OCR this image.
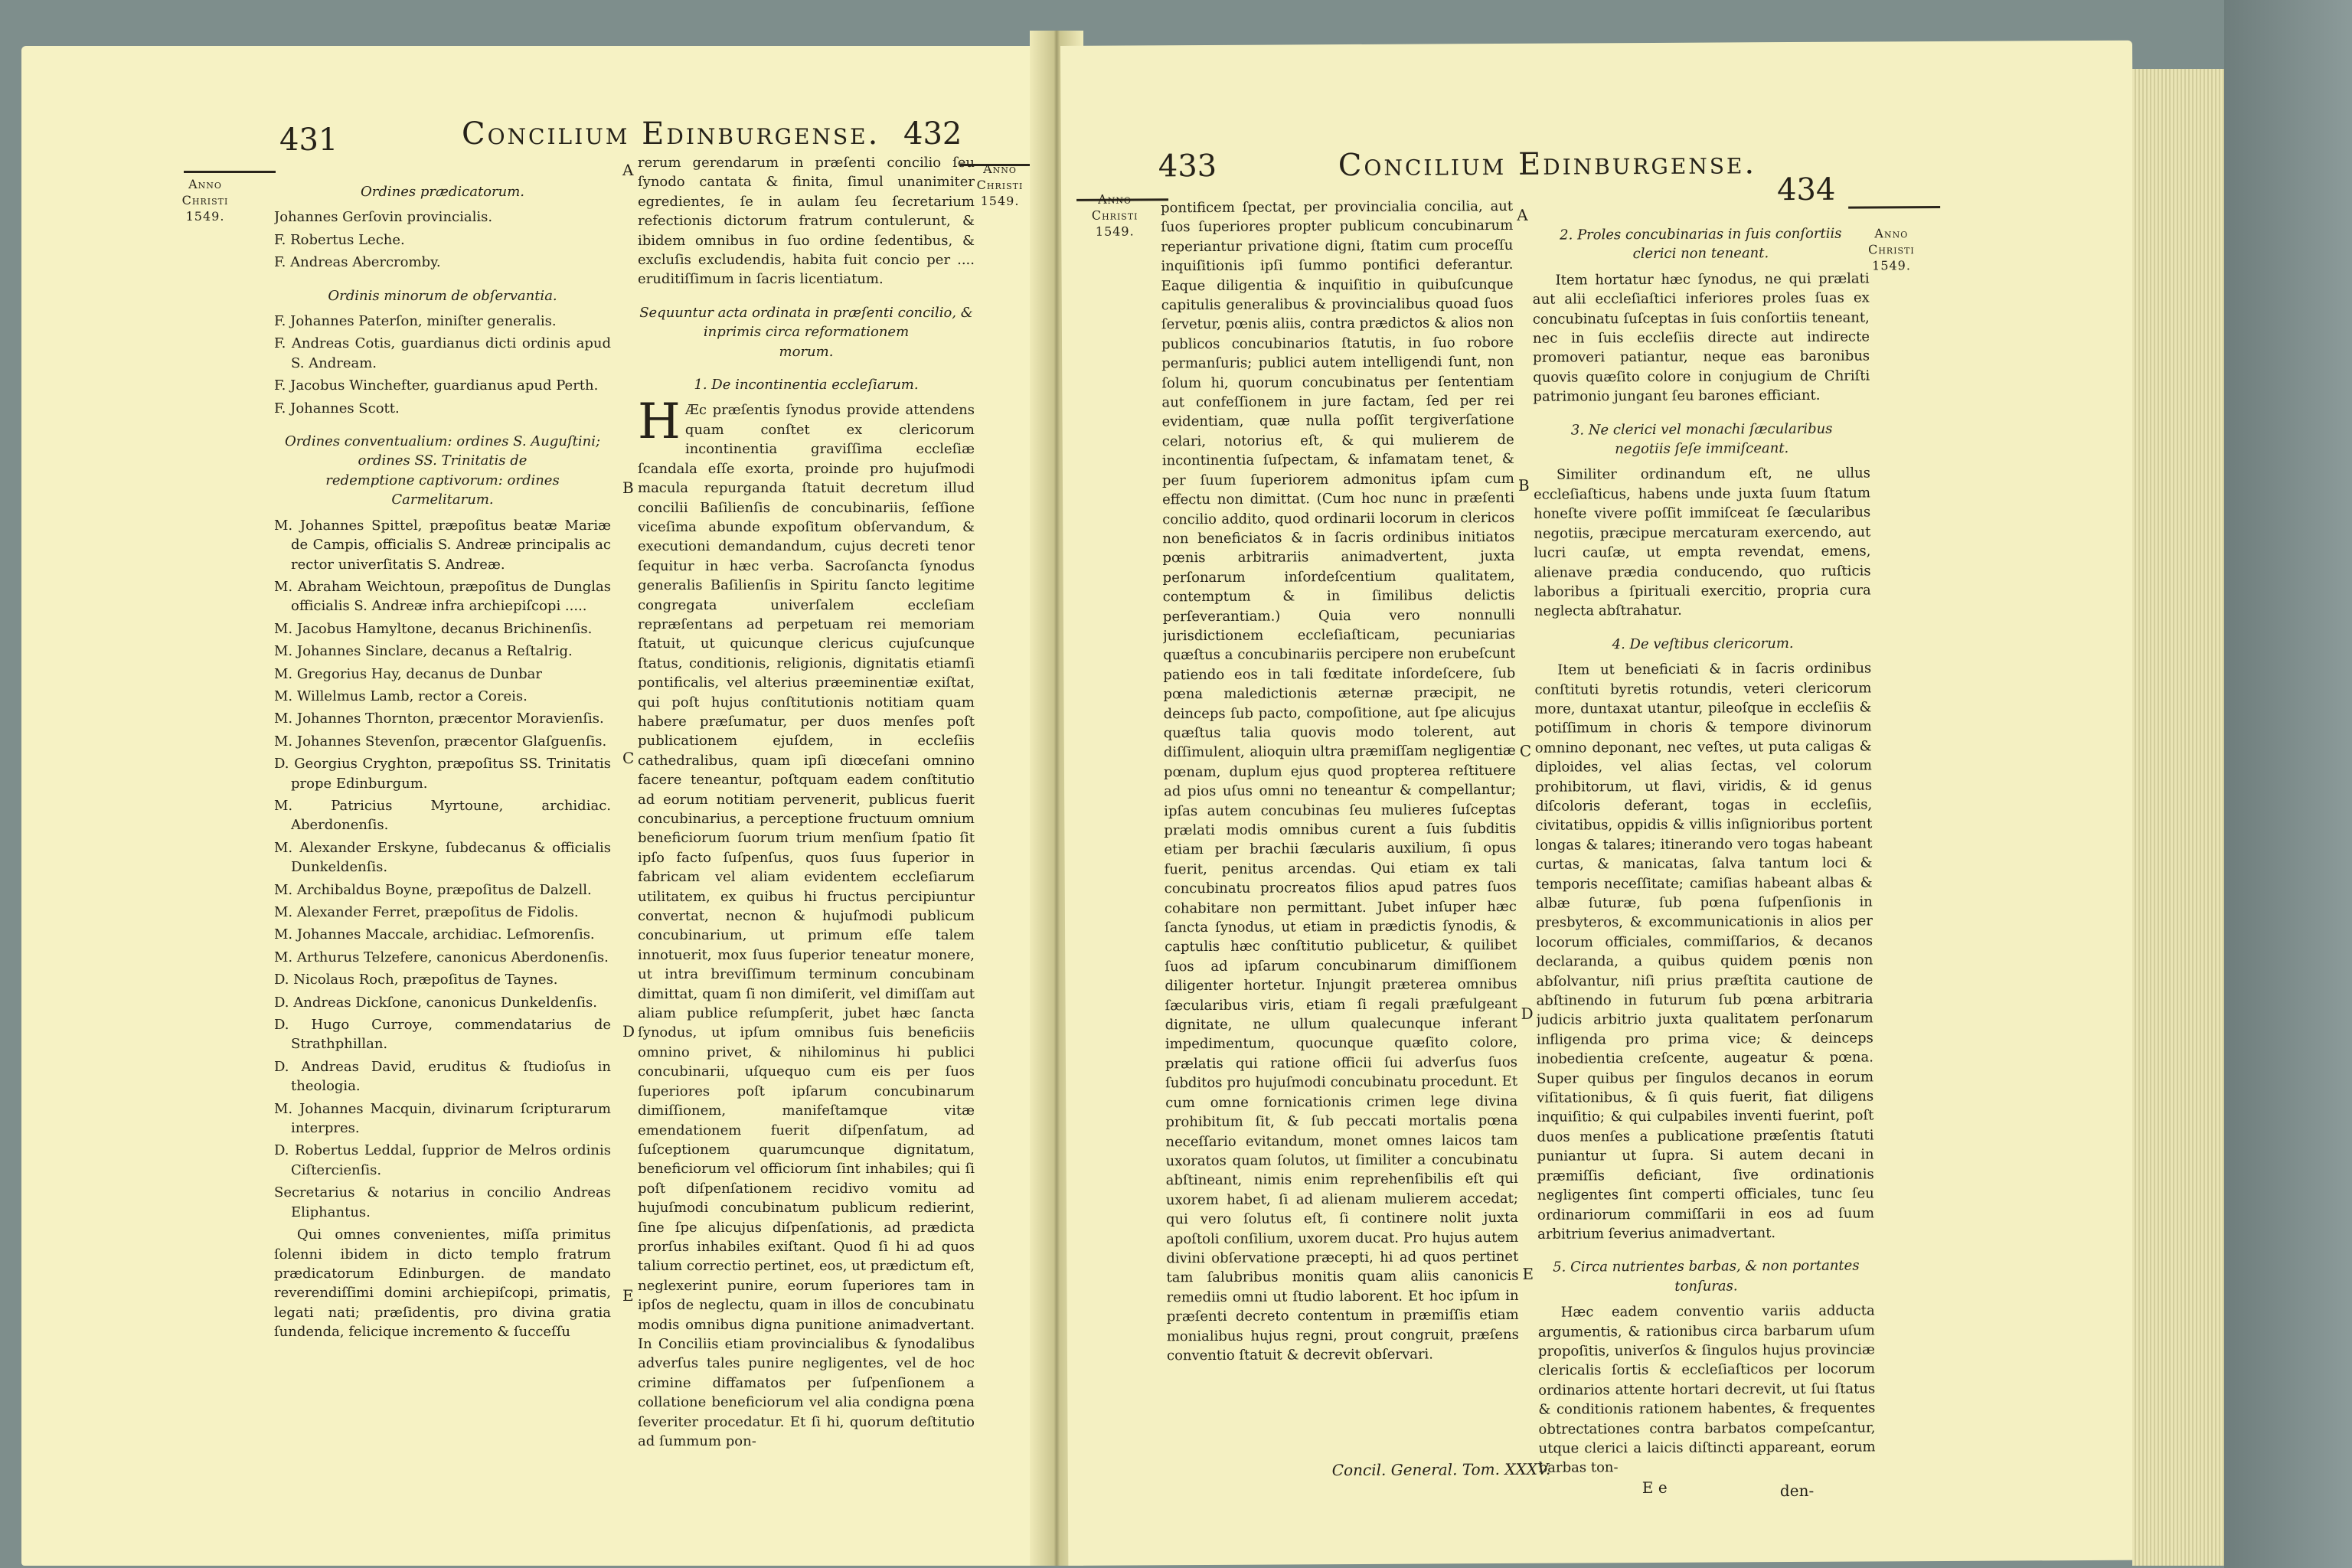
431	Concilium Edinburgense. 432
Anno
Christi
1549.
Anno
Christi
1549.
Ordines prædicatorum.

Johannes Gerſovin provincialis.

F. Robertus Leche.

F. Andreas Abercromby.

Ordinis minorum de obſervantia.

F. Johannes Paterſon, miniſter generalis.

F. Andreas Cotis, guardianus dicti ordinis apud S. Andream.

F. Jacobus Winchefter, guardianus apud Perth.

F. Johannes Scott.

Ordines conventualium: ordines S. Auguſtini; ordines SS. Trinitatis de
redemptione captivorum: ordines
Carmelitarum.

M. Johannes Spittel, præpoſitus beatæ Mariæ de Campis, officialis S. Andreæ principalis ac rector univerſitatis S. Andreæ.

M. Abraham Weichtoun, præpoſitus de Dunglas officialis S. Andreæ infra archiepiſcopi .....

M. Jacobus Hamyltone, decanus Brichinenſis.

M. Johannes Sinclare, decanus a Reſtalrig.

M. Gregorius Hay, decanus de Dunbar

M. Willelmus Lamb, rector a Coreis.

M. Johannes Thornton, præcentor Moravienſis.

M. Johannes Stevenſon, præcentor Glaſguenſis.

D. Georgius Cryghton, præpoſitus SS. Trinitatis prope Edinburgum.

M. Patricius Myrtoune, archidiac. Aberdonenſis.

M. Alexander Erskyne, ſubdecanus & officialis Dunkeldenſis.

M. Archibaldus Boyne, præpoſitus de Dalzell.

M. Alexander Ferret, præpoſitus de Fidolis.

M. Johannes Maccale, archidiac. Leſmorenſis.

M. Arthurus Telzefere, canonicus Aberdonenſis.

D. Nicolaus Roch, præpoſitus de Taynes.

D. Andreas Dickſone, canonicus Dunkeldenſis.

D. Hugo Curroye, commendatarius de Strathphillan.

D. Andreas David, eruditus & ſtudioſus in theologia.

M. Johannes Macquin, divinarum ſcripturarum interpres.

D. Robertus Leddal, ſupprior de Melros ordinis Ciſtercienſis.

Secretarius & notarius in concilio Andreas Eliphantus.

Qui omnes convenientes, miſſa primitus ſolenni ibidem in dicto templo fratrum prædicatorum Edinburgen. de mandato reverendiſſimi domini archiepiſcopi, primatis, legati nati; præſidentis, pro divina gratia ſundenda, felicique incremento & ſucceſſu

A
B
C
D
E

rerum gerendarum in præſenti concilio ſeu ſynodo cantata & finita, ſimul unanimiter egredientes, ſe in aulam ſeu ſecretarium refectionis dictorum fratrum contulerunt, & ibidem omnibus in ſuo ordine ſedentibus, & excluſis excludendis, habita fuit concio per .... eruditiſſimum in ſacris licentiatum.

Sequuntur acta ordinata in præſenti concilio, & inprimis circa reformationem
morum.
1. De incontinentia eccleſiarum.

H Æc præſentis ſynodus provide attendens quam conſtet ex clericorum incontinentia graviſſima eccleſiæ ſcandala eſſe exorta, proinde pro hujuſmodi macula repurganda ſtatuit decretum illud concilii Baſilienſis de concubinariis, ſeſſione viceſima abunde expoſitum obſervandum, & executioni demandandum, cujus decreti tenor ſequitur in hæc verba. Sacroſancta ſynodus generalis Baſilienſis in Spiritu ſancto legitime congregata univerſalem eccleſiam repræſentans ad perpetuam rei memoriam ſtatuit, ut quicunque clericus cujuſcunque ſtatus, conditionis, religionis, dignitatis etiamſi pontificalis, vel alterius præeminentiæ exiſtat, qui poſt hujus conſtitutionis notitiam quam habere præſumatur, per duos menſes poſt publicationem ejuſdem, in eccleſiis cathedralibus, quam ipſi diœceſani omnino facere teneantur, poſtquam eadem conſtitutio ad eorum notitiam pervenerit, publicus fuerit concubinarius, a perceptione fructuum omnium beneficiorum ſuorum trium menſium ſpatio ſit ipſo facto ſuſpenſus, quos ſuus ſuperior in fabricam vel aliam evidentem eccleſiarum utilitatem, ex quibus hi fructus percipiuntur convertat, necnon & hujuſmodi publicum concubinarium, ut primum eſſe talem innotuerit, mox ſuus ſuperior teneatur monere, ut intra breviſſimum terminum concubinam dimittat, quam ſi non dimiſerit, vel dimiſſam aut aliam publice reſumpſerit, jubet hæc ſancta ſynodus, ut ipſum omnibus ſuis beneficiis omnino privet, & nihilominus hi publici concubinarii, uſquequo cum eis per ſuos ſuperiores poſt ipſarum concubinarum dimiſſionem, manifeſtamque vitæ emendationem fuerit diſpenſatum, ad ſuſceptionem quarumcunque dignitatum, beneficiorum vel officiorum ſint inhabiles; qui ſi poſt diſpenſationem recidivo vomitu ad hujuſmodi concubinatum publicum redierint, ſine ſpe alicujus diſpenſationis, ad prædicta prorſus inhabiles exiſtant. Quod ſi hi ad quos talium correctio pertinet, eos, ut prædictum eſt, neglexerint punire, eorum ſuperiores tam in ipſos de neglectu, quam in illos de concubinatu modis omnibus digna punitione animadvertant. In Conciliis etiam provincialibus & ſynodalibus adverſus tales punire negligentes, vel de hoc crimine diffamatos per ſuſpenſionem a collatione beneficiorum vel alia condigna pœna ſeveriter procedatur. Et ſi hi, quorum deſtitutio ad ſummum pon-

433	Concilium Edinburgense.
434
Anno
Christi
1549.	Anno
Christi
1549.

pontificem ſpectat, per provincialia concilia, aut ſuos ſuperiores propter publicum concubinarum reperiantur privatione digni, ſtatim cum proceſſu inquiſitionis ipſi ſummo pontifici deferantur. Eaque diligentia & inquiſitio in quibuſcunque capitulis generalibus & provincialibus quoad ſuos ſervetur, pœnis aliis, contra prædictos & alios non publicos concubinarios ſtatutis, in ſuo robore permanſuris; publici autem intelligendi ſunt, non ſolum hi, quorum concubinatus per ſententiam aut confeſſionem in jure factam, ſed per rei evidentiam, quæ nulla poſſit tergiverſatione celari, notorius eſt, & qui mulierem de incontinentia ſuſpectam, & infamatam tenet, & per ſuum ſuperiorem admonitus ipſam cum effectu non dimittat. (Cum hoc nunc in præſenti concilio addito, quod ordinarii locorum in clericos non beneficiatos & in ſacris ordinibus initiatos pœnis arbitrariis animadvertent, juxta perſonarum inſordeſcentium qualitatem, contemptum & in ſimilibus delictis perſeverantiam.) Quia vero nonnulli jurisdictionem eccleſiaſticam, pecuniarias quæſtus a concubinariis percipere non erubeſcunt patiendo eos in tali fœditate inſordeſcere, ſub pœna maledictionis æternæ præcipit, ne deinceps ſub pacto, compoſitione, aut ſpe alicujus quæſtus talia quovis modo tolerent, aut diſſimulent, alioquin ultra præmiſſam negligentiæ pœnam, duplum ejus quod propterea reſtituere ad pios uſus omni no teneantur & compellantur; ipſas autem concubinas ſeu mulieres ſuſceptas prælati modis omnibus curent a ſuis ſubditis etiam per brachii ſæcularis auxilium, ſi opus fuerit, penitus arcendas. Qui etiam ex tali concubinatu procreatos filios apud patres ſuos cohabitare non permittant. Jubet inſuper hæc ſancta ſynodus, ut etiam in prædictis ſynodis, & captulis hæc conſtitutio publicetur, & quilibet ſuos ad ipſarum concubinarum dimiſſionem diligenter hortetur. Injungit præterea omnibus ſæcularibus viris, etiam ſi regali præfulgeant dignitate, ne ullum qualecunque inferant impedimentum, quocunque quæſito colore, prælatis qui ratione officii ſui adverſus ſuos ſubditos pro hujuſmodi concubinatu procedunt. Et cum omne fornicationis crimen lege divina prohibitum ſit, & ſub peccati mortalis pœna neceſſario evitandum, monet omnes laicos tam uxoratos quam ſolutos, ut ſimiliter a concubinatu abſtineant, nimis enim reprehenſibilis eſt qui uxorem habet, ſi ad alienam mulierem accedat; qui vero ſolutus eſt, ſi continere nolit juxta apoſtoli conſilium, uxorem ducat. Pro hujus autem divini obſervatione præcepti, hi ad quos pertinet tam ſalubribus monitis quam aliis canonicis remediis omni ut ſtudio laborent. Et hoc ipſum in præſenti decreto contentum in præmiſſis etiam monialibus hujus regni, prout congruit, præſens conventio ſtatuit & decrevit obſervari.

A
B
C
D
E
2. Proles concubinarias in ſuis conſortiis
clerici non teneant.

Item hortatur hæc ſynodus, ne qui prælati aut alii eccleſiaſtici inferiores proles ſuas ex concubinatu ſuſceptas in ſuis conſortiis teneant, nec in ſuis eccleſiis directe aut indirecte promoveri patiantur, neque eas baronibus quovis quæſito colore in conjugium de Chriſti patrimonio jungant ſeu barones efficiant.

3. Ne clerici vel monachi ſæcularibus
negotiis ſeſe immiſceant.

Similiter ordinandum eſt, ne ullus eccleſiaſticus, habens unde juxta ſuum ſtatum honeſte vivere poſſit immiſceat ſe ſæcularibus negotiis, præcipue mercaturam exercendo, aut lucri cauſæ, ut empta revendat, emens, alienave prædia conducendo, quo ruſticis laboribus a ſpirituali exercitio, propria cura neglecta abſtrahatur.

4. De veſtibus clericorum.

Item ut beneficiati & in ſacris ordinibus conſtituti byretis rotundis, veteri clericorum more, duntaxat utantur, pileoſque in eccleſiis & potiſſimum in choris & tempore divinorum omnino deponant, nec veſtes, ut puta caligas & diploides, vel alias ſectas, vel colorum prohibitorum, ut flavi, viridis, & id genus diſcoloris deferant, togas in eccleſiis, civitatibus, oppidis & villis inſignioribus portent longas & talares; itinerando vero togas habeant curtas, & manicatas, ſalva tantum loci & temporis neceſſitate; camiſias habeant albas & albæ ſuturæ, ſub pœna ſuſpenſionis in presbyteros, & excommunicationis in alios per locorum officiales, commiſſarios, & decanos declaranda, a quibus quidem pœnis non abſolvantur, niſi prius præſtita cautione de abſtinendo in futurum ſub pœna arbitraria judicis arbitrio juxta qualitatem perſonarum infligenda pro prima vice; & deinceps inobedientia creſcente, augeatur & pœna. Super quibus per ſingulos decanos in eorum viſitationibus, & ſi quis fuerit, fiat diligens inquiſitio; & qui culpabiles inventi fuerint, poſt duos menſes a publicatione præſentis ſtatuti puniantur ut ſupra. Si autem decani in præmiſſis deficiant, ſive ordinationis negligentes ſint comperti officiales, tunc ſeu ordinariorum commiſſarii in eos ad ſuum arbitrium ſeverius animadvertant.

5. Circa nutrientes barbas, & non portantes
tonſuras.

Hæc eadem conventio variis adducta argumentis, & rationibus circa barbarum uſum propoſitis, univerſos & ſingulos hujus provinciæ clericalis ſortis & eccleſiaſticos per locorum ordinarios attente hortari decrevit, ut ſui ſtatus & conditionis rationem habentes, & frequentes obtrectationes contra barbatos compeſcantur, utque clerici a laicis diſtincti appareant, eorum barbas ton-

Concil. General. Tom. XXXV.
E e	den-
